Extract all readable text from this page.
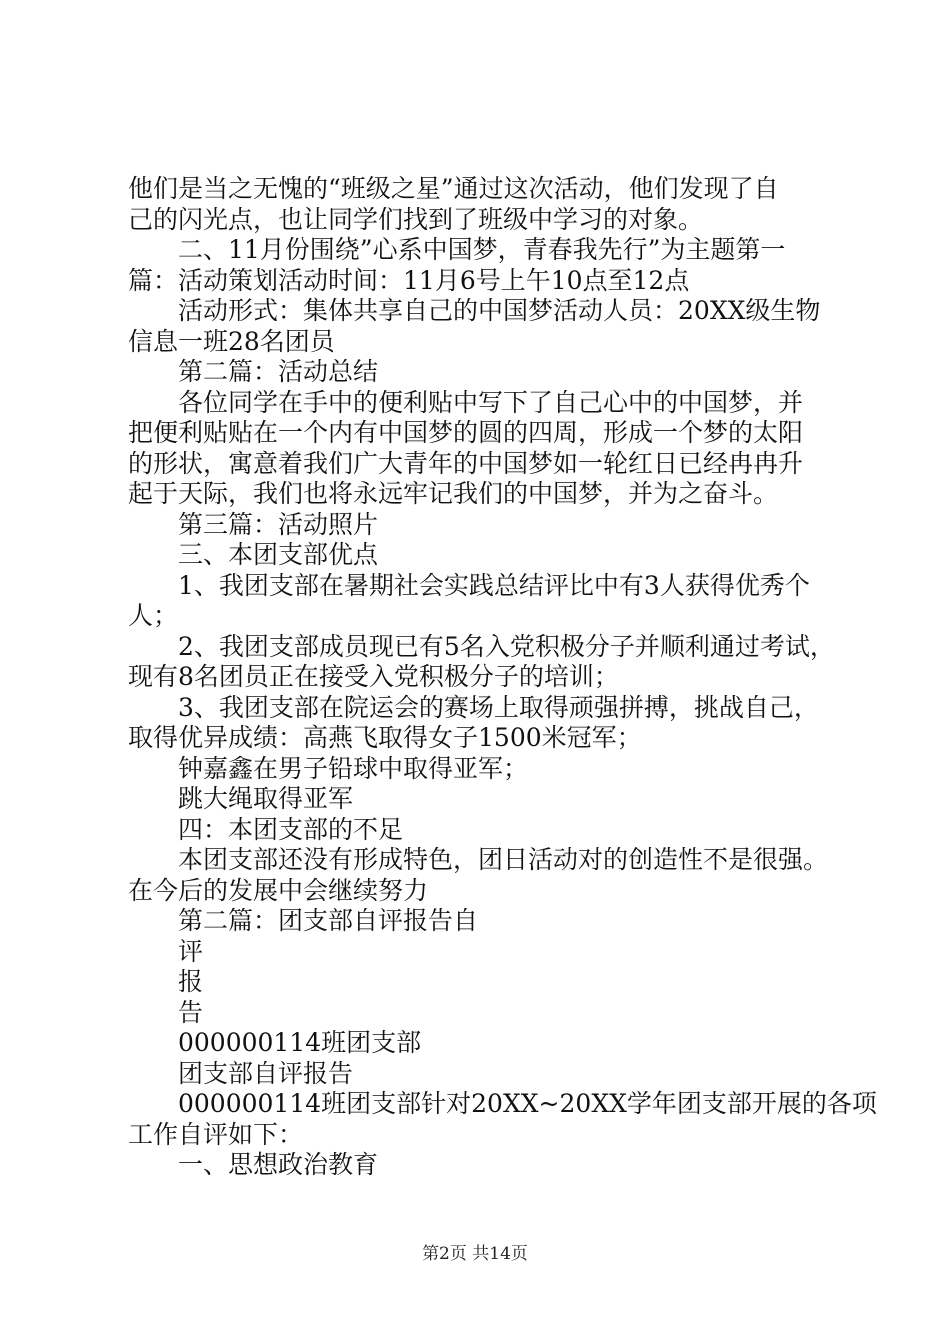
他们是当之无愧的“班级之星”通过这次活动，他们发现了自
己的闪光点，也让同学们找到了班级中学习的对象。
二、11月份围绕”心系中国梦，青春我先行”为主题第一
篇：活动策划活动时间：11月6号上午10点至12点
活动形式：集体共享自己的中国梦活动人员：20XX级生物
信息一班28名团员
第二篇：活动总结
各位同学在手中的便利贴中写下了自己心中的中国梦，并
把便利贴贴在一个内有中国梦的圆的四周，形成一个梦的太阳
的形状，寓意着我们广大青年的中国梦如一轮红日已经冉冉升
起于天际，我们也将永远牢记我们的中国梦，并为之奋斗。
第三篇：活动照片
三、本团支部优点
1、我团支部在暑期社会实践总结评比中有3人获得优秀个
人；
2、我团支部成员现已有5名入党积极分子并顺利通过考试，
现有8名团员正在接受入党积极分子的培训；
3、我团支部在院运会的赛场上取得顽强拼搏，挑战自己，
取得优异成绩：高燕飞取得女子1500米冠军；
钟嘉鑫在男子铅球中取得亚军；
跳大绳取得亚军
四：本团支部的不足
本团支部还没有形成特色，团日活动对的创造性不是很强。
在今后的发展中会继续努力
第二篇：团支部自评报告自
评
报
告
000000114班团支部
团支部自评报告
000000114班团支部针对20XX~20XX学年团支部开展的各项
工作自评如下：
一、思想政治教育
第2页 共14页
